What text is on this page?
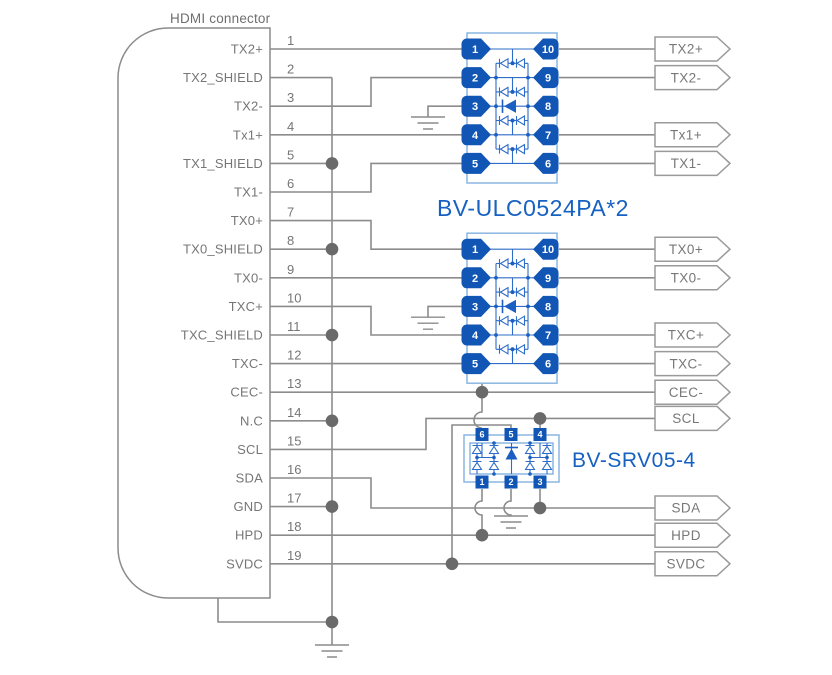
HDMI connector
TX2+
TX2_SHIELD
TX2-
Tx1+
TX1_SHIELD
TX1-
TX0+
TX0_SHIELD
TX0-
TXC+
TXC_SHIELD
TXC-
CEC-
N.C
SCL
SDA
GND
HPD
SVDC
1
2
3
4
5
6
7
8
9
10
11
12
13
14
15
16
17
18
19
BV-ULC0524PA*2
6	5	4
1	2	3
BV-SRV05-4
TX2+
TX2-
Tx1+
TX1-
TX0+
TX0-
TXC+
TXC-
CEC-
SCL
SDA
HPD
SVDC
